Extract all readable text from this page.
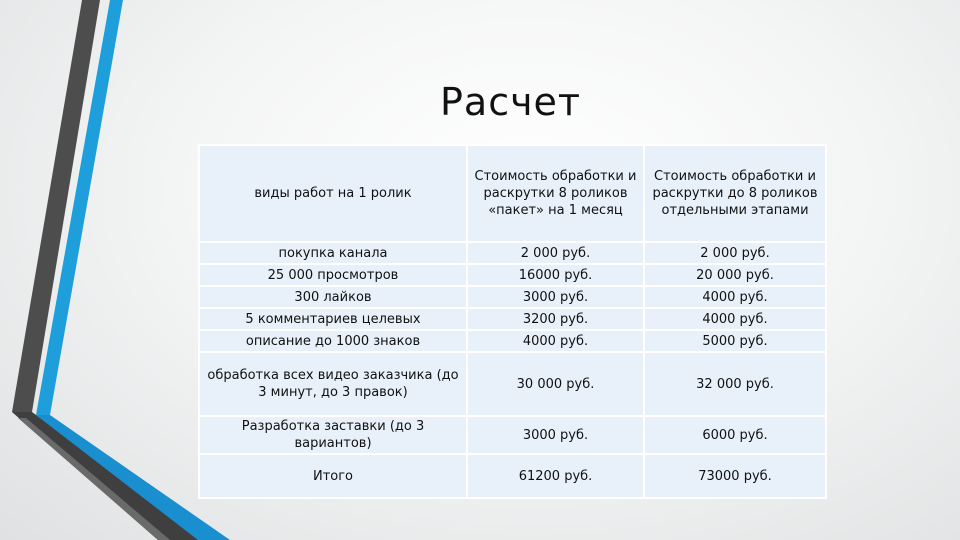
Расчет
виды работ на 1 ролик	Стоимость обработки и раскрутки 8 роликов «пакет» на 1 месяц	Стоимость обработки и раскрутки до 8 роликов отдельными этапами
покупка канала	2 000 руб.	2 000 руб.
25 000 просмотров	16000 руб.	20 000 руб.
300 лайков	3000 руб.	4000 руб.
5 комментариев целевых	3200 руб.	4000 руб.
описание до 1000 знаков	4000 руб.	5000 руб.
обработка всех видео заказчика (до 3 минут, до 3 правок)	30 000 руб.	32 000 руб.
Разработка заставки (до 3 вариантов)	3000 руб.	6000 руб.
Итого	61200 руб.	73000 руб.
